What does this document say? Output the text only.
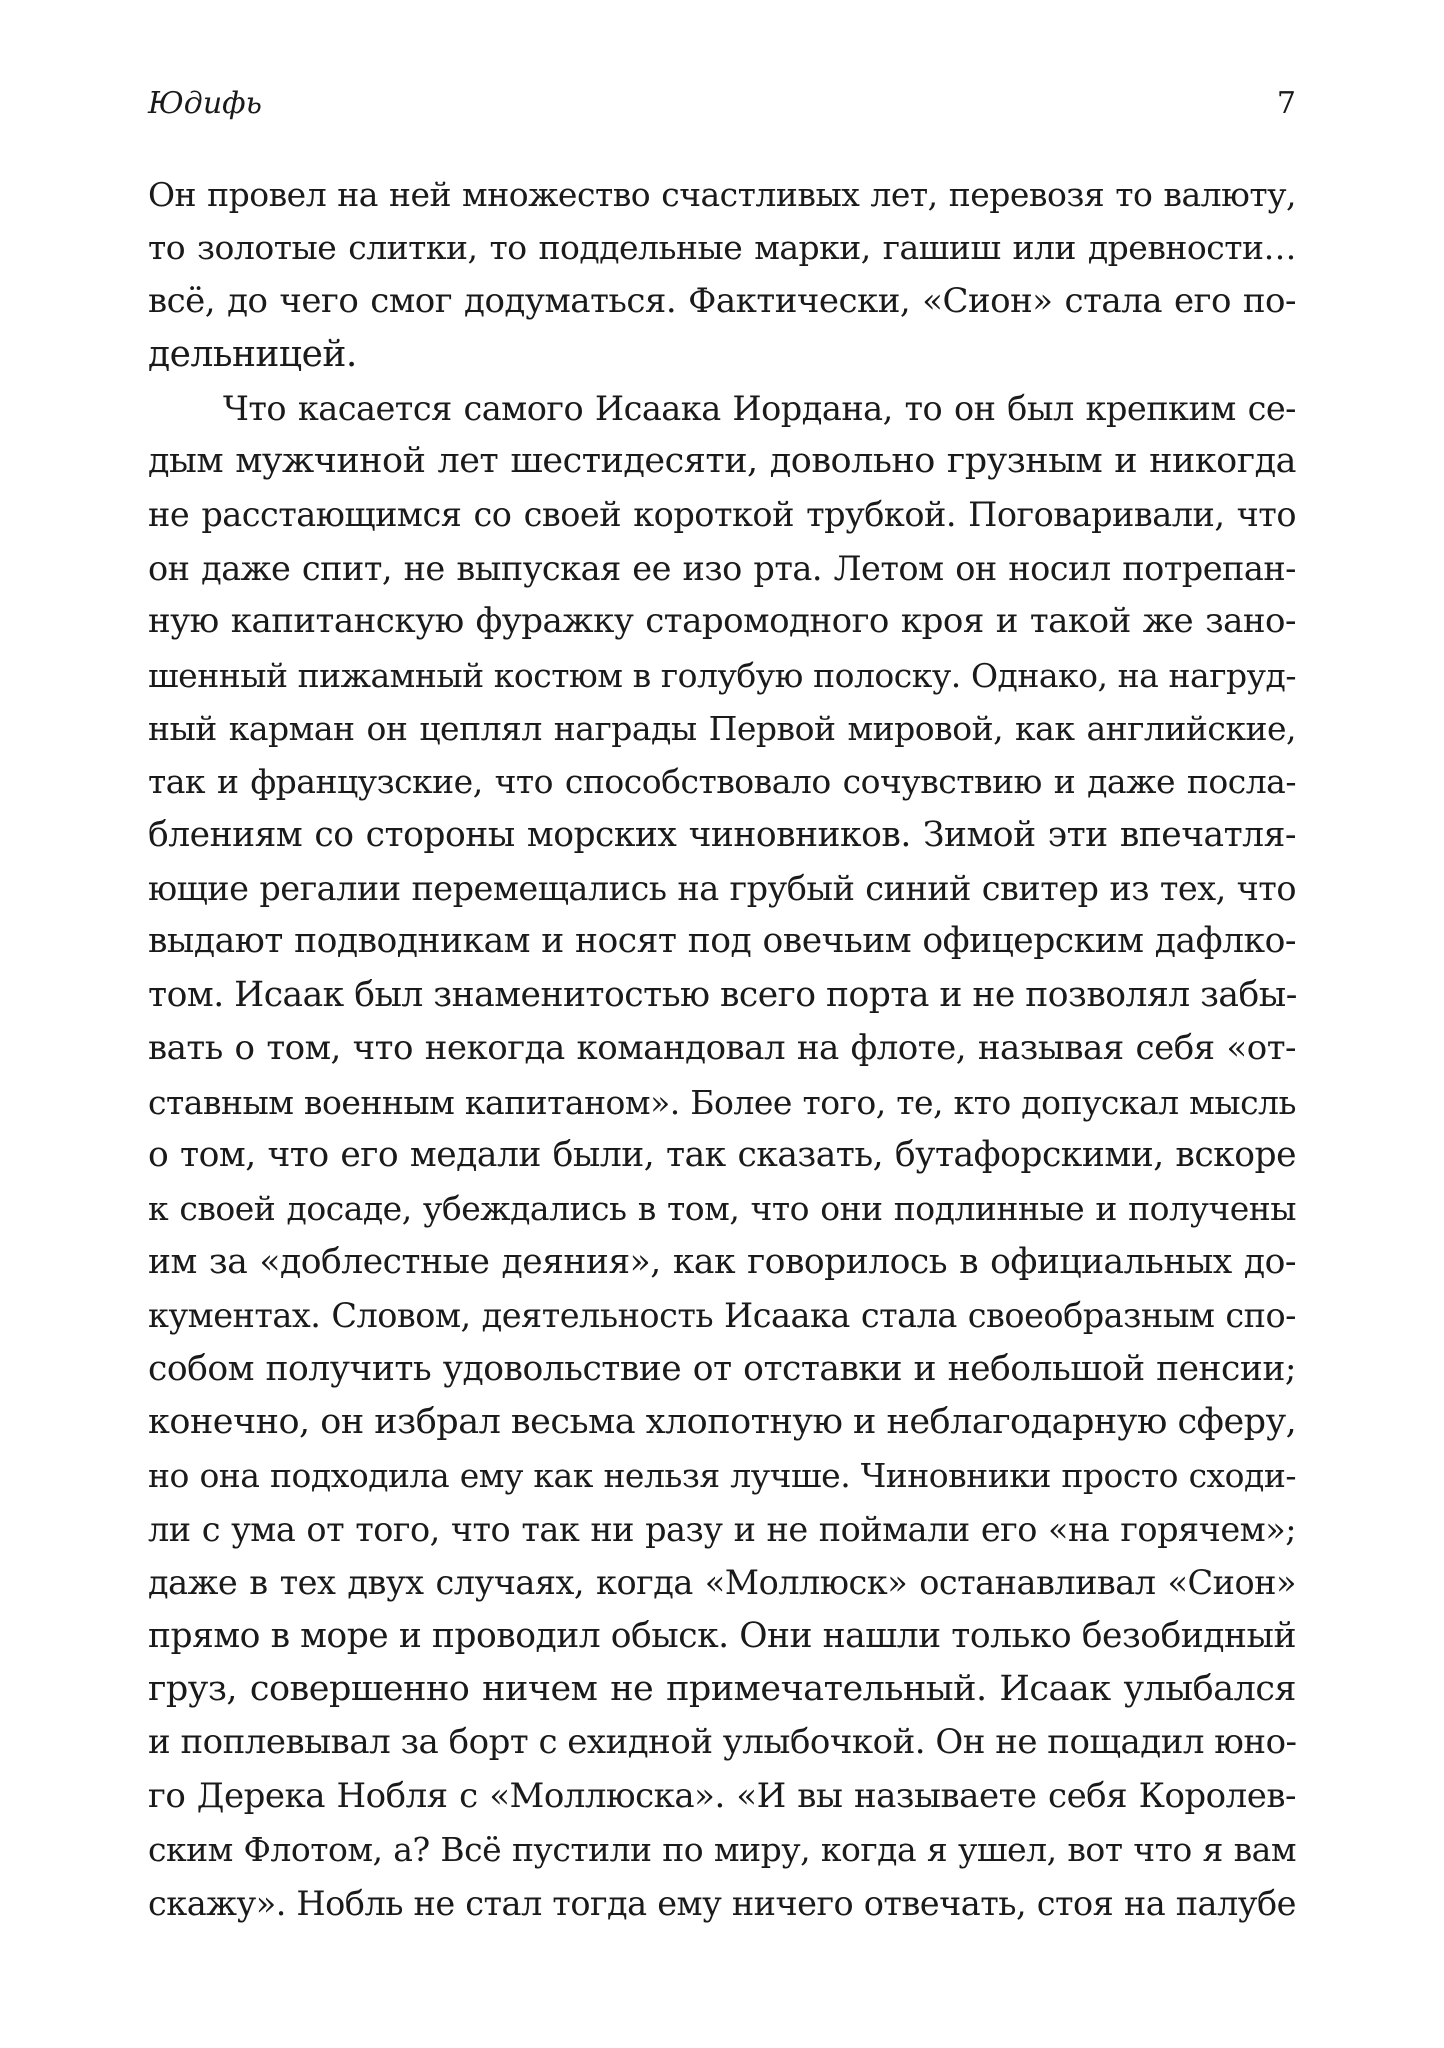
Юдифь	7
Он провел на ней множество счастливых лет, перевозя то валюту,
то золотые слитки, то поддельные марки, гашиш или древности…
всё, до чего смог додуматься. Фактически, «Сион» стала его по-
дельницей.
Что касается самого Исаака Иордана, то он был крепким се-
дым мужчиной лет шестидесяти, довольно грузным и никогда
не расстающимся со своей короткой трубкой. Поговаривали, что
он даже спит, не выпуская ее изо рта. Летом он носил потрепан-
ную капитанскую фуражку старомодного кроя и такой же зано-
шенный пижамный костюм в голубую полоску. Однако, на нагруд-
ный карман он цеплял награды Первой мировой, как английские,
так и французские, что способствовало сочувствию и даже посла-
блениям со стороны морских чиновников. Зимой эти впечатля-
ющие регалии перемещались на грубый синий свитер из тех, что
выдают подводникам и носят под овечьим офицерским дафлко-
том. Исаак был знаменитостью всего порта и не позволял забы-
вать о том, что некогда командовал на флоте, называя себя «от-
ставным военным капитаном». Более того, те, кто допускал мысль
о том, что его медали были, так сказать, бутафорскими, вскоре
к своей досаде, убеждались в том, что они подлинные и получены
им за «доблестные деяния», как говорилось в официальных до-
кументах. Словом, деятельность Исаака стала своеобразным спо-
собом получить удовольствие от отставки и небольшой пенсии;
конечно, он избрал весьма хлопотную и неблагодарную сферу,
но она подходила ему как нельзя лучше. Чиновники просто сходи-
ли с ума от того, что так ни разу и не поймали его «на горячем»;
даже в тех двух случаях, когда «Моллюск» останавливал «Сион»
прямо в море и проводил обыск. Они нашли только безобидный
груз, совершенно ничем не примечательный. Исаак улыбался
и поплевывал за борт с ехидной улыбочкой. Он не пощадил юно-
го Дерека Нобля с «Моллюска». «И вы называете себя Королев-
ским Флотом, а? Всё пустили по миру, когда я ушел, вот что я вам
скажу». Нобль не стал тогда ему ничего отвечать, стоя на палубе
